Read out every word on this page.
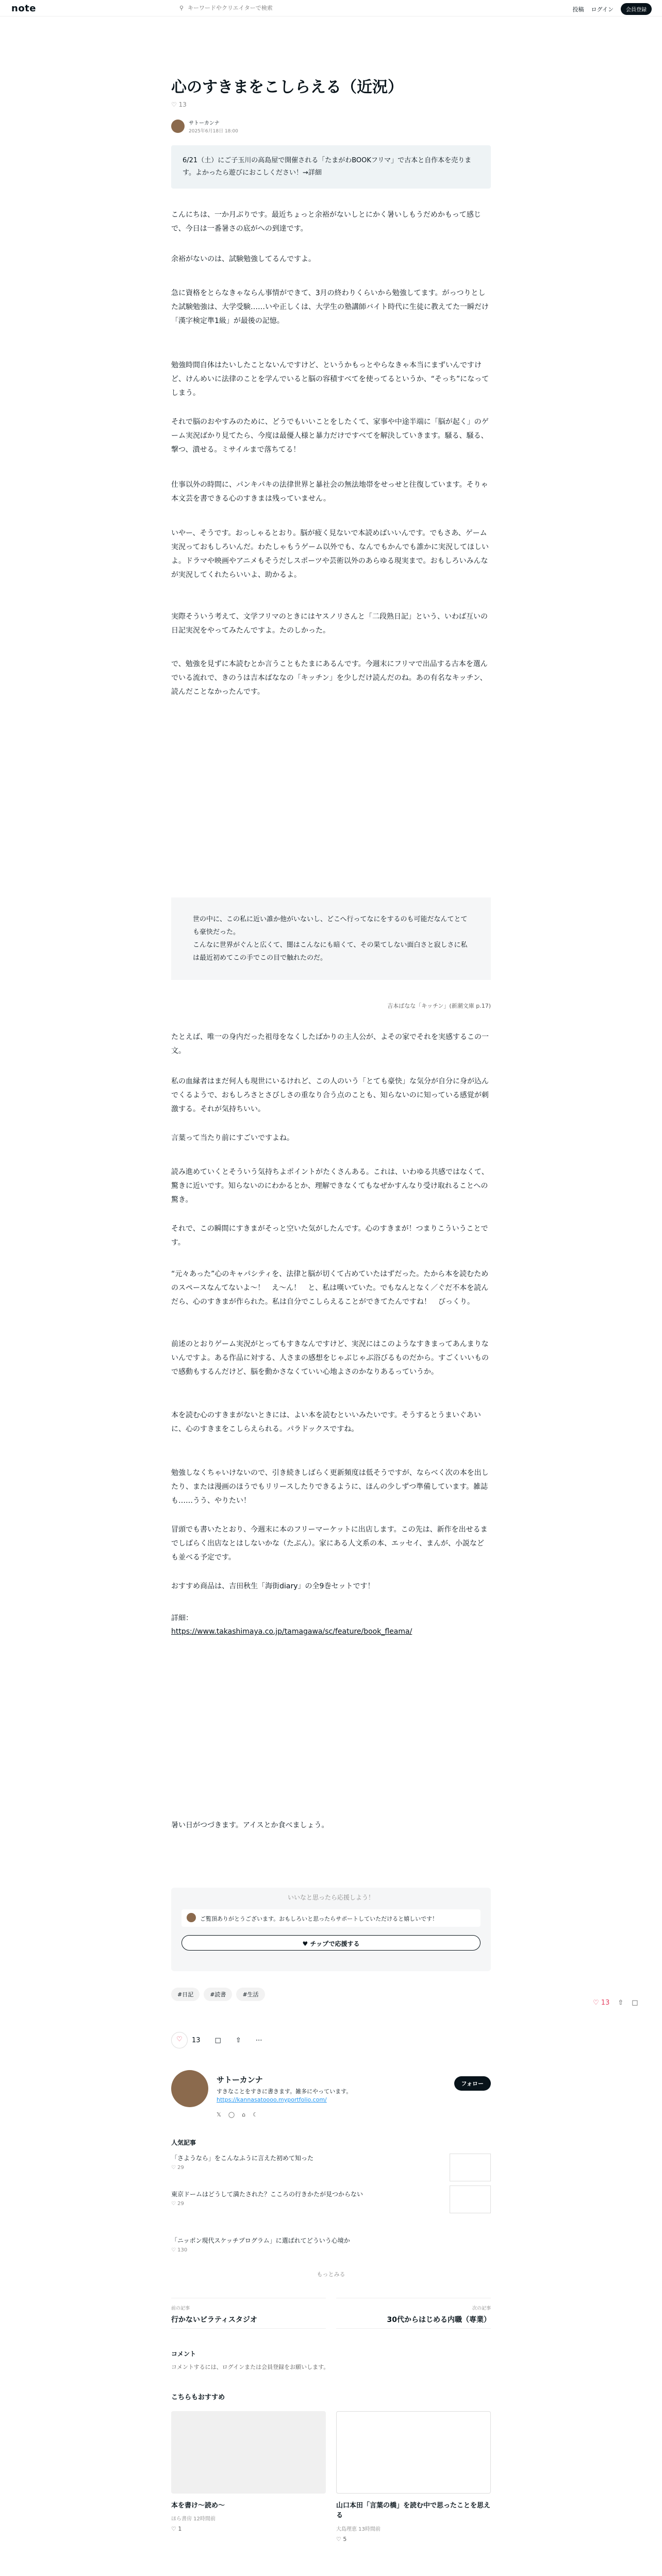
note	⚲
キーワードやクリエイターで検索	投稿 ログイン	会員登録
心のすきまをこしらえる（近況）
♡ 13
サトーカンナ
2025年6月18日 18:00
6/21（土）にご子玉川の高島屋で開催される「たまがわBOOKフリマ」で古本と自作本を売ります。よかったら遊びにおこしください！→詳細

こんにちは、一か月ぶりです。最近ちょっと余裕がないしとにかく暑いしもうだめかもって感じで、今日は一番暑さの底がへの到達です。

余裕がないのは、試験勉強してるんですよ。

急に資格をとらなきゃならん事情ができて、3月の終わりくらいから勉強してます。がっつりとした試験勉強は、大学受験……いや正しくは、大学生の塾講師バイト時代に生徒に教えてた一瞬だけ「漢字検定準1級」が最後の記憶。

勉強時間自体はたいしたことないんですけど、というかもっとやらなきゃ本当にまずいんですけど、けんめいに法律のことを学んでいると脳の容積すべてを使ってるというか、“そっち”になってしまう。

それで脳のおやすみのために、どうでもいいことをしたくて、家事や中途半端に「脳が起く」のゲーム実況ばかり見てたら、今度は最優人様と暴力だけですべてを解決していきます。騒る、騒る、撃つ、潰せる。ミサイルまで落ちてる！

仕事以外の時間に、パンキパキの法律世界と暴社会の無法地帯をせっせと往復しています。そりゃ本文芸を書できる心のすきまは残っていません。

いやー、そうです。おっしゃるとおり。脳が疲く見ないで本読めばいいんです。でもさあ、ゲーム実況っておもしろいんだ。わたしゃもうゲーム以外でも、なんでもかんでも誰かに実況してほしいよ。ドラマや映画やアニメもそうだしスポーツや芸術以外のあらゆる現実まで。おもしろいみんなが実況してくれたらいいよ、助かるよ。

実際そういう考えて、文学フリマのときにはヤスノリさんと「二段熟日記」という、いわば互いの日記実況をやってみたんですよ。たのしかった。

で、勉強を見ずに本読むとか言うこともたまにあるんです。今週末にフリマで出品する古本を選んでいる流れで、きのうは吉本ばななの「キッチン」を少しだけ読んだのね。あの有名なキッチン、読んだことなかったんです。

世の中に、この私に近い誰か他がいないし、どこへ行ってなにをするのも可能だなんてとても豪快だった。
こんなに世界がぐんと広くて、闇はこんなにも暗くて、その果てしない面白さと寂しさに私は最近初めてこの手でこの目で触れたのだ。
吉本ばなな「キッチン」(新潮文庫 p.17)

たとえば、唯一の身内だった祖母をなくしたばかりの主人公が、よその家でそれを実感するこの一文。

私の血縁者はまだ何人も現世にいるけれど、この人のいう「とても豪快」な気分が自分に身が込んでくるようで、おもしろさとさびしさの重なり合う点のことも、知らないのに知っている感覚が刺激する。それが気持ちいい。

言葉って当たり前にすごいですよね。

読み進めていくとそういう気持ちよポイントがたくさんある。これは、いわゆる共感ではなくて、驚きに近いです。知らないのにわかるとか、理解できなくてもなぜかすんなり受け取れることへの驚き。

それで、この瞬間にすきまがそっと空いた気がしたんです。心のすきまが！つまりこういうことです。

“元々あった”心のキャパシティを、法律と脳が切くて占めていたはずだった。たから本を読むためのスペースなんてないよ〜！　え〜ん！　と、私は嘆いていた。でもなんとなく／ぐだ不本を読んだら、心のすきまが作られた。私は自分でこしらえることができてたんですね！　びっくり。

前述のとおりゲーム実況がとってもすきなんですけど、実況にはこのようなすきまってあんまりないんですよ。ある作品に対する、人さまの感想をじゃぶじゃぶ浴びるものだから。すごくいいもので感動もするんだけど、脳を動かさなくていい心地よさのかなりあるっていうか。

本を読む心のすきまがないときには、よい本を読むといいみたいです。そうするとうまいぐあいに、心のすきまをこしらえられる。パラドックスですね。

勉強しなくちゃいけないので、引き続きしばらく更新頻度は低そうですが、ならべく次の本を出したり、または漫画のほうでもリリースしたりできるように、ほんの少しずつ準備しています。雑誌も……うう、やりたい！

冒頭でも書いたとおり、今週末に本のフリーマーケットに出店します。この先は、新作を出せるまでしばらく出店なとはしないかな（たぶん）。家にある人文系の本、エッセイ、まんが、小説なども並べる予定です。

おすすめ商品は、吉田秋生「海街diary」の全9巻セットです！

詳細：

https://www.takashimaya.co.jp/tamagawa/sc/feature/book_fleama/

暑い日がつづきます。アイスとか食べましょう。

いいなと思ったら応援しよう！
ご覧頂ありがとうございます。おもしろいと思ったらサポートしていただけると嬉しいです！
♥ チップで応援する
#日記	#読書	#生活
♡	13 □ ⇧ ⋯
サトーカンナ
すきなことをすきに書きます。雑多にやっています。
https://kannasatoooo.myportfolio.com/
フォロー
𝕏 ◯ ⌂ ☾
人気記事
「さようなら」をこんなふうに言えた初めて知った
♡ 29
東京ドームはどうして満たされた？こころの行きかたが見つからない
♡ 29
「ニッポン現代スケッチプログラム」に選ばれてどういう心境か
♡ 130
もっとみる
前の記事
行かないビラティスタジオ
次の記事
30代からはじめる内職（専業）
コメント
コメントするには、ログインまたは会員登録をお願いします。
こちらもおすすめ
本を書け〜読め〜
ほら書房 12時間前
♡ 1
山口本田「言葉の橋」を読む中で思ったことを思える
大島理恵 13時間前
♡ 5
♡ 13 ⇧ □
